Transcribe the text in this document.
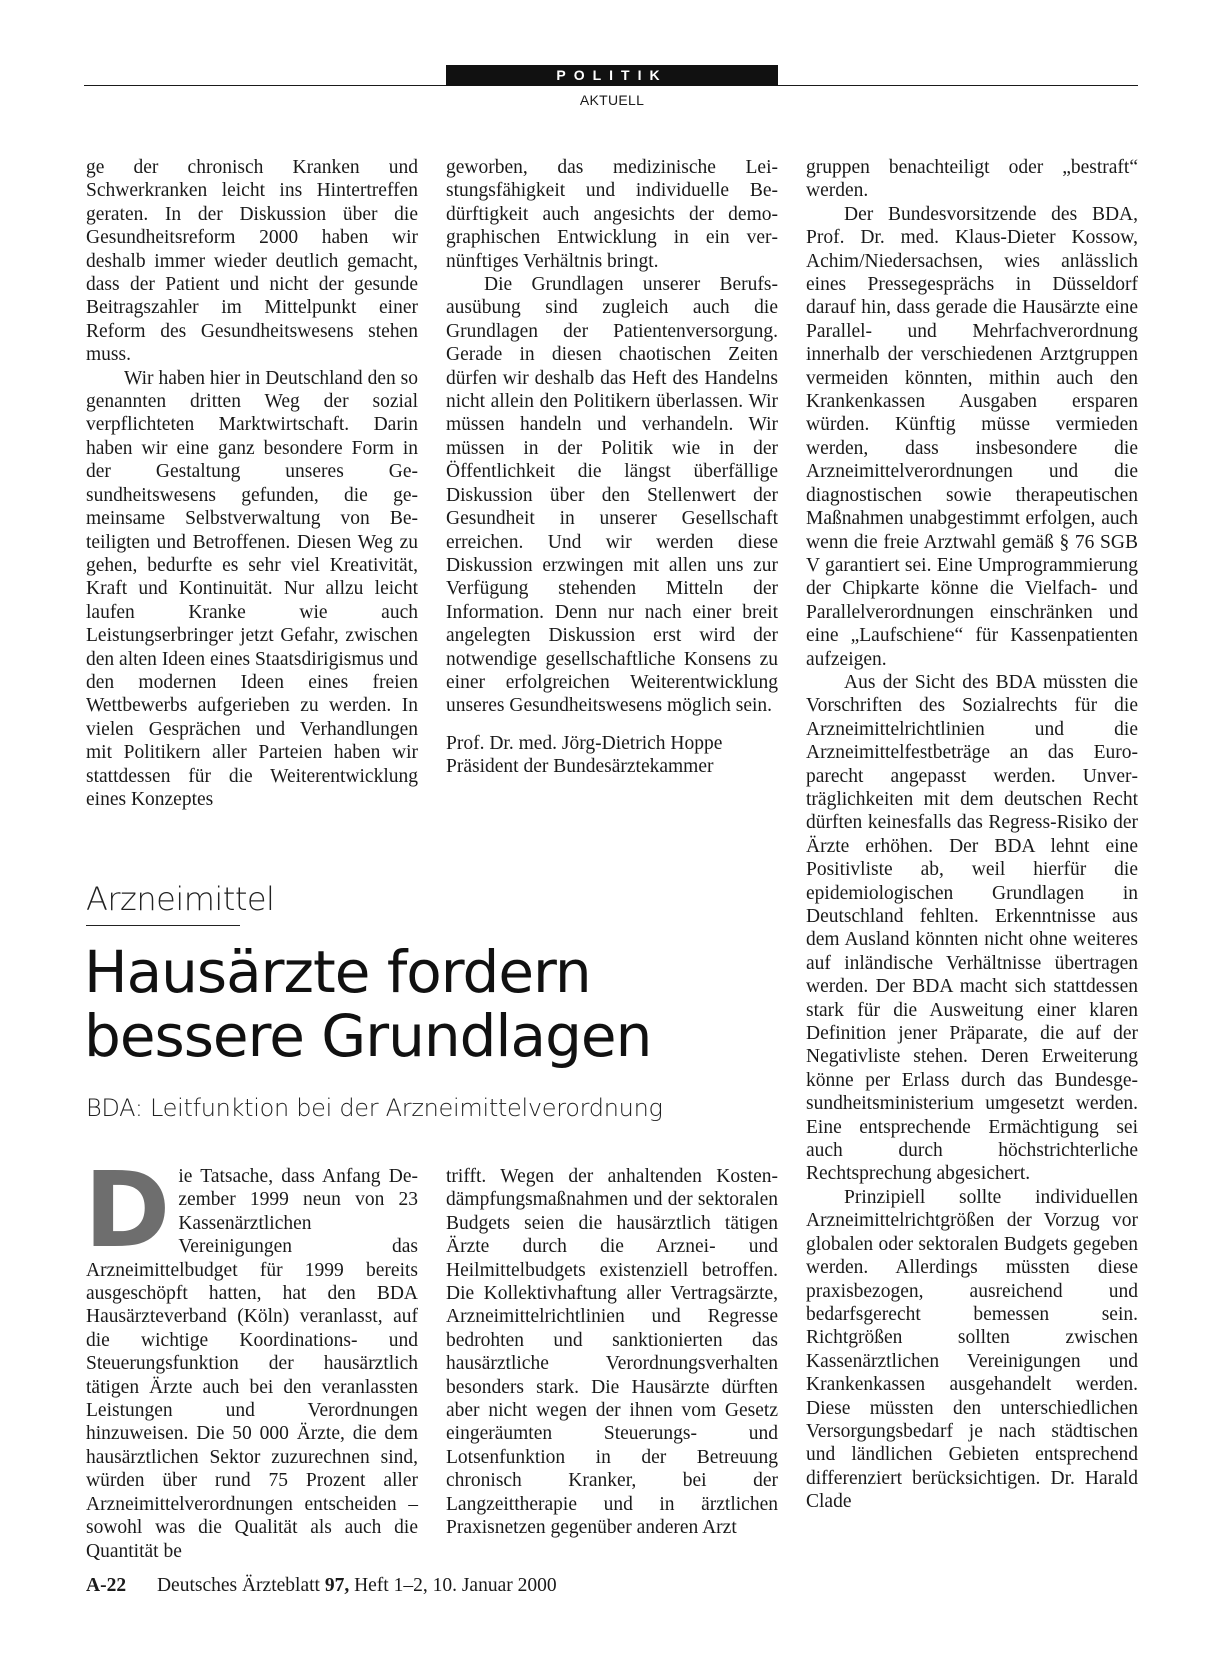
POLITIK
AKTUELL

ge der chronisch Kranken und Schwerkranken leicht ins Hintertreffen geraten. In der Diskussion über die Gesundheitsreform 2000 haben wir deshalb immer wieder deutlich gemacht, dass der Patient und nicht der gesunde Beitragszahler im Mittelpunkt einer Reform des Gesundheitswesens stehen muss.

Wir haben hier in Deutschland den so genannten dritten Weg der sozial verpflichteten Marktwirtschaft. Darin haben wir eine ganz besondere Form in der Gestaltung unseres Gesundheitswesens gefunden, die gemeinsame Selbstverwaltung von Beteiligten und Betroffenen. Diesen Weg zu gehen, bedurfte es sehr viel Kreativität, Kraft und Kontinuität. Nur allzu leicht laufen Kranke wie auch Leistungserbringer jetzt Gefahr, zwischen den alten Ideen eines Staatsdirigismus und den modernen Ideen eines freien Wettbewerbs aufgerieben zu werden. In vielen Gesprächen und Verhandlungen mit Politikern aller Parteien haben wir stattdessen für die Weiterentwicklung eines Konzeptes

geworben, das medizinische Leistungsfähigkeit und individuelle Bedürftigkeit auch angesichts der demographischen Entwicklung in ein vernünftiges Verhältnis bringt.

Die Grundlagen unserer Berufsausübung sind zugleich auch die Grundlagen der Patientenversorgung. Gerade in diesen chaotischen Zeiten dürfen wir deshalb das Heft des Handelns nicht allein den Politikern überlassen. Wir müssen handeln und verhandeln. Wir müssen in der Politik wie in der Öffentlichkeit die längst überfällige Diskussion über den Stellenwert der Gesundheit in unserer Gesellschaft erreichen. Und wir werden diese Diskussion erzwingen mit allen uns zur Verfügung stehenden Mitteln der Information. Denn nur nach einer breit angelegten Diskussion erst wird der notwendige gesellschaftliche Konsens zu einer erfolgreichen Weiterentwicklung unseres Gesundheitswesens möglich sein.

Prof. Dr. med. Jörg-Dietrich Hoppe

Präsident der Bundesärztekammer

gruppen benachteiligt oder „bestraft“ werden.

Der Bundesvorsitzende des BDA, Prof. Dr. med. Klaus-Dieter Kossow, Achim/Niedersachsen, wies anlässlich eines Pressegesprächs in Düsseldorf darauf hin, dass gerade die Hausärzte eine Parallel- und Mehrfachverordnung innerhalb der verschiedenen Arztgruppen vermeiden könnten, mithin auch den Krankenkassen Ausgaben ersparen würden. Künftig müsse vermieden werden, dass insbesondere die Arzneimittelverordnungen und die diagnostischen sowie therapeutischen Maßnahmen unabgestimmt erfolgen, auch wenn die freie Arztwahl gemäß § 76 SGB V garantiert sei. Eine Umprogrammierung der Chipkarte könne die Vielfach- und Parallelverordnungen einschränken und eine „Laufschiene“ für Kassenpatienten aufzeigen.

Aus der Sicht des BDA müssten die Vorschriften des Sozialrechts für die Arzneimittelrichtlinien und die Arzneimittelfestbeträge an das Europarecht angepasst werden. Unverträglichkeiten mit dem deutschen Recht dürften keinesfalls das Regress-Risiko der Ärzte erhöhen. Der BDA lehnt eine Positivliste ab, weil hierfür die epidemiologischen Grundlagen in Deutschland fehlten. Erkenntnisse aus dem Ausland könnten nicht ohne weiteres auf inländische Verhältnisse übertragen werden. Der BDA macht sich stattdessen stark für die Ausweitung einer klaren Definition jener Präparate, die auf der Negativliste stehen. Deren Erweiterung könne per Erlass durch das Bundesgesundheitsministerium umgesetzt werden. Eine entsprechende Ermächtigung sei auch durch höchstrichterliche Rechtsprechung abgesichert.

Prinzipiell sollte individuellen Arzneimittelrichtgrößen der Vorzug vor globalen oder sektoralen Budgets gegeben werden. Allerdings müssten diese praxisbezogen, ausreichend und bedarfsgerecht bemessen sein. Richtgrößen sollten zwischen Kassenärztlichen Vereinigungen und Krankenkassen ausgehandelt werden. Diese müssten den unterschiedlichen Versorgungsbedarf je nach städtischen und ländlichen Gebieten entsprechend differenziert berücksichtigen. Dr. Harald Clade

Arzneimittel
Hausärzte fordern
bessere Grundlagen
BDA: Leitfunktion bei der Arzneimittelverordnung

Die Tatsache, dass Anfang Dezember 1999 neun von 23 Kassenärztlichen Vereinigungen das Arzneimittelbudget für 1999 bereits ausgeschöpft hatten, hat den BDA Hausärzteverband (Köln) veranlasst, auf die wichtige Koordinations- und Steuerungsfunktion der hausärztlich tätigen Ärzte auch bei den veranlassten Leistungen und Verordnungen hinzuweisen. Die 50 000 Ärzte, die dem hausärztlichen Sektor zuzurechnen sind, würden über rund 75 Prozent aller Arzneimittelverordnungen entscheiden – sowohl was die Qualität als auch die Quantität be

trifft. Wegen der anhaltenden Kostendämpfungsmaßnahmen und der sektoralen Budgets seien die hausärztlich tätigen Ärzte durch die Arznei- und Heilmittelbudgets existenziell betroffen. Die Kollektivhaftung aller Vertragsärzte, Arzneimittelrichtlinien und Regresse bedrohten und sanktionierten das hausärztliche Verordnungsverhalten besonders stark. Die Hausärzte dürften aber nicht wegen der ihnen vom Gesetz eingeräumten Steuerungs- und Lotsenfunktion in der Betreuung chronisch Kranker, bei der Langzeittherapie und in ärztlichen Praxisnetzen gegenüber anderen Arzt

A-22 Deutsches Ärzteblatt 97, Heft 1–2, 10. Januar 2000
